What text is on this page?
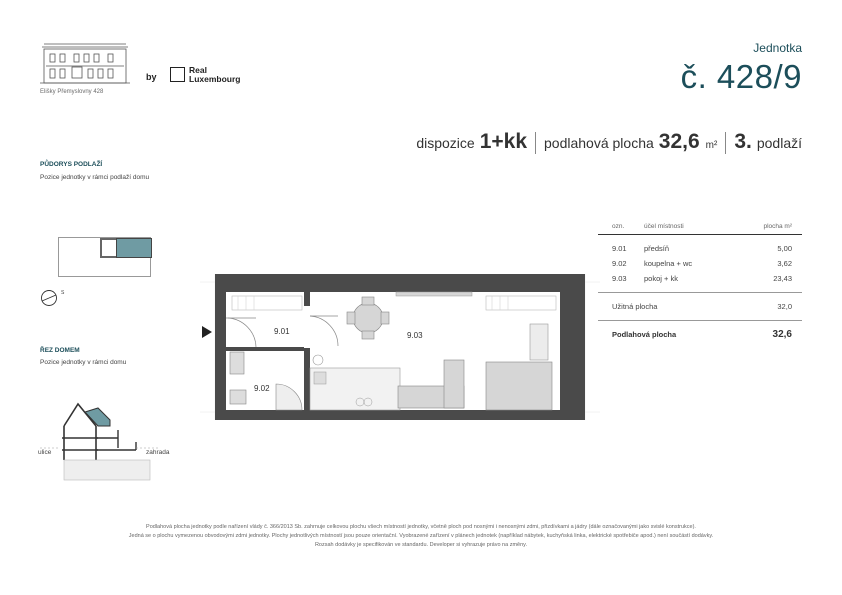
Elišky Přemyslovny 428
by
Real
Luxembourg
Jednotka
č. 428/9
dispozice 1+kk podlahová plocha 32,6 m² 3. podlaží
PŮDORYS PODLAŽÍ
Pozice jednotky v rámci podlaží domu
S
ŘEZ DOMEM
Pozice jednotky v rámci domu
ulice	zahrada
9.01
9.02
9.03
ozn.	účel místnosti	plocha m²
9.01	předsíň	5,00
9.02	koupelna + wc	3,62
9.03	pokoj + kk	23,43
Užitná plocha	32,0
Podlahová plocha	32,6
Podlahová plocha jednotky podle nařízení vlády č. 366/2013 Sb. zahrnuje celkovou plochu všech místností jednotky, včetně ploch pod nosnými i nenosnými zdmi, přizdívkami a jádry (dále označovanými jako svislé konstrukce).
Jedná se o plochu vymezenou obvodovými zdmi jednotky. Plochy jednotlivých místností jsou pouze orientační. Vyobrazené zařízení v plánech jednotek (například nábytek, kuchyňská linka, elektrické spotřebiče apod.) není součástí dodávky.
Rozsah dodávky je specifikován ve standardu. Developer si vyhrazuje právo na změny.
